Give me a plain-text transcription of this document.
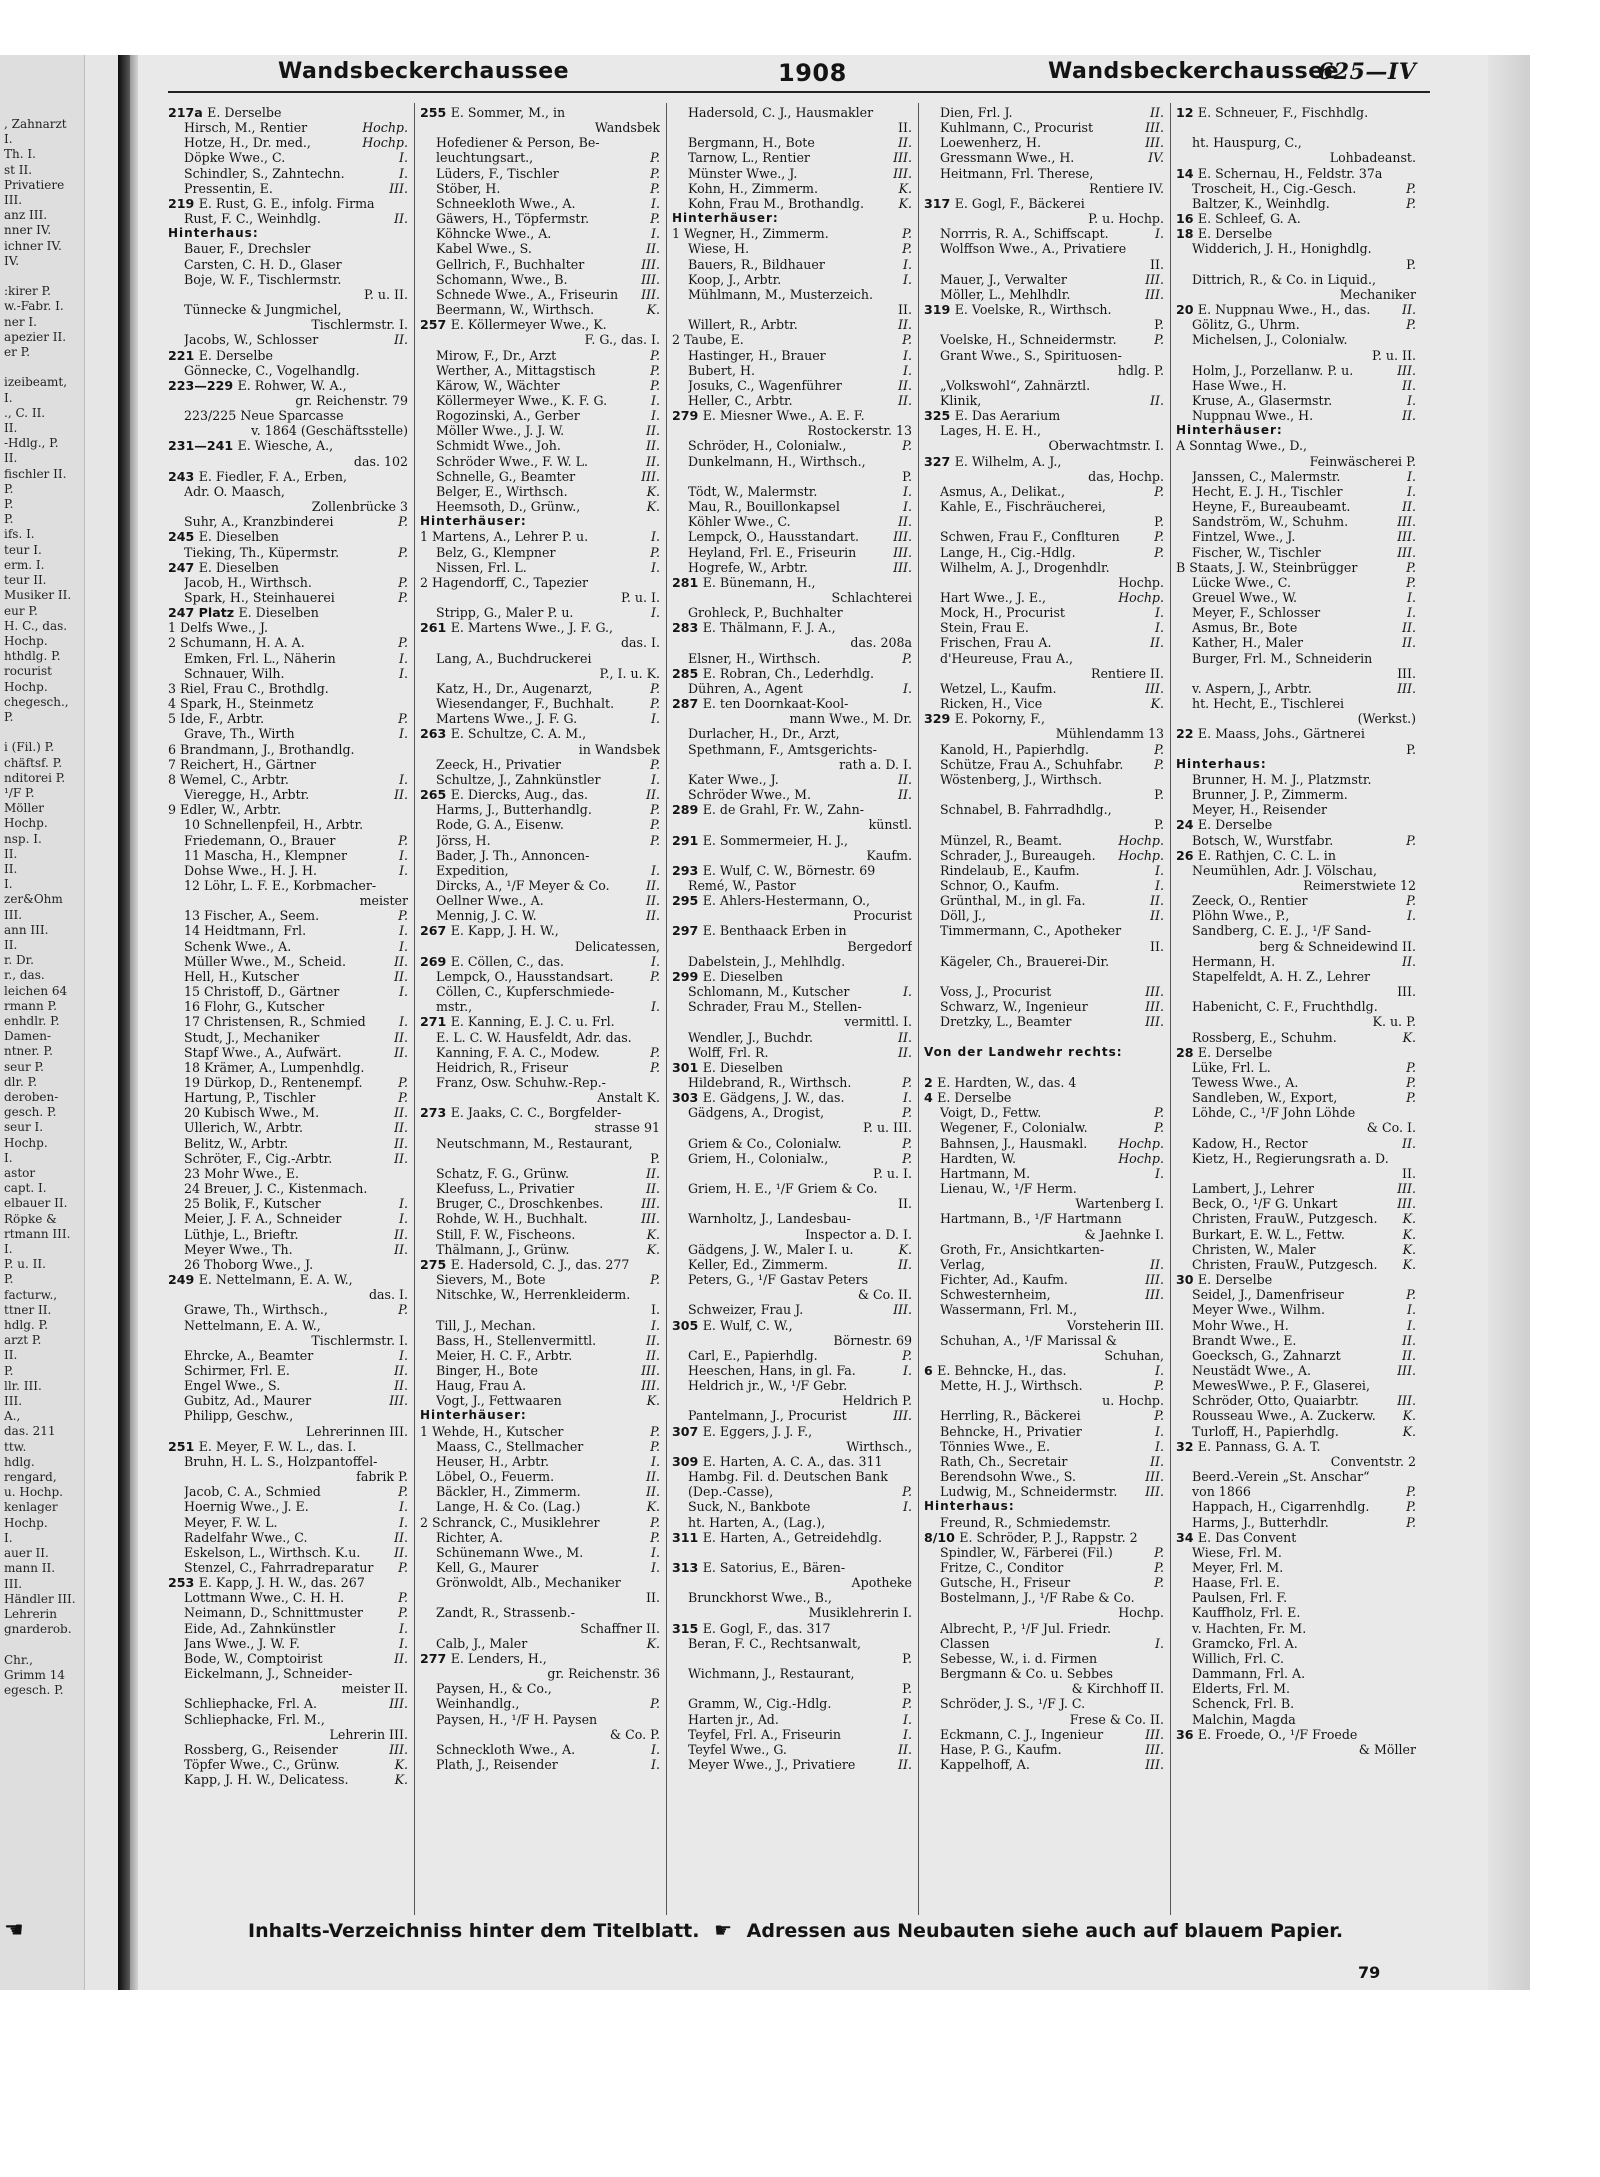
, Zahnarzt
I.
Th. I.
st II.
Privatiere
III.
anz III.
nner IV.
ichner IV.
IV.

:kirer P.
w.-Fabr. I.
ner I.
apezier II.
er P.

izeibeamt,
I.
., C. II.
II.
-Hdlg., P.
II.
fischler II.
P.
P.
P.
ifs. I.
teur I.
erm. I.
teur II.
Musiker II.
eur P.
H. C., das.
Hochp.
hthdlg. P.
rocurist
Hochp.
chegesch.,
P.

i (Fil.) P.
chäftsf. P.
nditorei P.
¹/F P.
Möller
Hochp.
nsp. I.
II.
II.
I.
zer&Ohm
III.
ann III.
II.
r. Dr.
r., das.
leichen 64
rmann P.
enhdlr. P.
Damen-
ntner. P.
seur P.
dlr. P.
deroben-
gesch. P.
seur I.
Hochp.
I.
astor
capt. I.
elbauer II.
Röpke &
rtmann III.
I.
P. u. II.
P.
facturw.,
ttner II.
hdlg. P.
arzt P.
II.
P.
llr. III.
III.
A.,
das. 211
ttw.
hdlg.
rengard,
u. Hochp.
kenlager
Hochp.
I.
auer II.
mann II.
III.
Händler III.
Lehrerin
gnarderob.

Chr.,
Grimm 14
egesch. P.
Wandsbeckerchaussee	1908	Wandsbeckerchaussee
625—IV
217a E. Derselbe
Hirsch, M., Rentier	Hochp.
Hotze, H., Dr. med.,	Hochp.
Döpke Wwe., C.	I.
Schindler, S., Zahntechn.	I.
Pressentin, E.	III.
219 E. Rust, G. E., infolg. Firma
Rust, F. C., Weinhdlg.	II.
Hinterhaus:
Bauer, F., Drechsler
Carsten, C. H. D., Glaser
Boje, W. F., Tischlermstr.
P. u. II.
Tünnecke & Jungmichel,
Tischlermstr. I.
Jacobs, W., Schlosser	II.
221 E. Derselbe
Gönnecke, C., Vogelhandlg.
223—229 E. Rohwer, W. A.,
gr. Reichenstr. 79
223/225 Neue Sparcasse
v. 1864 (Geschäftsstelle)
231—241 E. Wiesche, A.,
das. 102
243 E. Fiedler, F. A., Erben,
Adr. O. Maasch,
Zollenbrücke 3
Suhr, A., Kranzbinderei	P.
245 E. Dieselben
Tieking, Th., Küpermstr.	P.
247 E. Dieselben
Jacob, H., Wirthsch.	P.
Spark, H., Steinhauerei	P.
247 Platz E. Dieselben
1 Delfs Wwe., J.
2 Schumann, H. A. A.	P.
Emken, Frl. L., Näherin	I.
Schnauer, Wilh.	I.
3 Riel, Frau C., Brothdlg.
4 Spark, H., Steinmetz
5 Ide, F., Arbtr.	P.
Grave, Th., Wirth	I.
6 Brandmann, J., Brothandlg.
7 Reichert, H., Gärtner
8 Wemel, C., Arbtr.	I.
Vieregge, H., Arbtr.	II.
9 Edler, W., Arbtr.
10 Schnellenpfeil, H., Arbtr.
Friedemann, O., Brauer	P.
11 Mascha, H., Klempner	I.
Dohse Wwe., H. J. H.	I.
12 Löhr, L. F. E., Korbmacher-
meister
13 Fischer, A., Seem.	P.
14 Heidtmann, Frl.	I.
Schenk Wwe., A.	I.
Müller Wwe., M., Scheid.	II.
Hell, H., Kutscher	II.
15 Christoff, D., Gärtner	I.
16 Flohr, G., Kutscher
17 Christensen, R., Schmied	I.
Studt, J., Mechaniker	II.
Stapf Wwe., A., Aufwärt.	II.
18 Krämer, A., Lumpenhdlg.
19 Dürkop, D., Rentenempf.	P.
Hartung, P., Tischler	P.
20 Kubisch Wwe., M.	II.
Ullerich, W., Arbtr.	II.
Belitz, W., Arbtr.	II.
Schröter, F., Cig.-Arbtr.	II.
23 Mohr Wwe., E.
24 Breuer, J. C., Kistenmach.
25 Bolik, F., Kutscher	I.
Meier, J. F. A., Schneider	I.
Lüthje, L., Brieftr.	II.
Meyer Wwe., Th.	II.
26 Thoborg Wwe., J.
249 E. Nettelmann, E. A. W.,
das. I.
Grawe, Th., Wirthsch.,	P.
Nettelmann, E. A. W.,
Tischlermstr. I.
Ehrcke, A., Beamter	I.
Schirmer, Frl. E.	II.
Engel Wwe., S.	II.
Gubitz, Ad., Maurer	III.
Philipp, Geschw.,
Lehrerinnen III.
251 E. Meyer, F. W. L., das. I.
Bruhn, H. L. S., Holzpantoffel-
fabrik P.
Jacob, C. A., Schmied	P.
Hoernig Wwe., J. E.	I.
Meyer, F. W. L.	I.
Radelfahr Wwe., C.	II.
Eskelson, L., Wirthsch. K.u.	II.
Stenzel, C., Fahrradreparatur	P.
253 E. Kapp, J. H. W., das. 267
Lottmann Wwe., C. H. H.	P.
Neimann, D., Schnittmuster	P.
Eide, Ad., Zahnkünstler	I.
Jans Wwe., J. W. F.	I.
Bode, W., Comptoirist	II.
Eickelmann, J., Schneider-
meister II.
Schliephacke, Frl. A.	III.
Schliephacke, Frl. M.,
Lehrerin III.
Rossberg, G., Reisender	III.
Töpfer Wwe., C., Grünw.	K.
Kapp, J. H. W., Delicatess.	K.
255 E. Sommer, M., in
Wandsbek
Hofediener & Person, Be-
leuchtungsart.,	P.
Lüders, F., Tischler	P.
Stöber, H.	P.
Schneekloth Wwe., A.	I.
Gäwers, H., Töpfermstr.	P.
Köhncke Wwe., A.	I.
Kabel Wwe., S.	II.
Gellrich, F., Buchhalter	III.
Schomann, Wwe., B.	III.
Schnede Wwe., A., Friseurin	III.
Beermann, W., Wirthsch.	K.
257 E. Köllermeyer Wwe., K.
F. G., das. I.
Mirow, F., Dr., Arzt	P.
Werther, A., Mittagstisch	P.
Kärow, W., Wächter	P.
Köllermeyer Wwe., K. F. G.	I.
Rogozinski, A., Gerber	I.
Möller Wwe., J. J. W.	II.
Schmidt Wwe., Joh.	II.
Schröder Wwe., F. W. L.	II.
Schnelle, G., Beamter	III.
Belger, E., Wirthsch.	K.
Heemsoth, D., Grünw.,	K.
Hinterhäuser:
1 Martens, A., Lehrer P. u.	I.
Belz, G., Klempner	P.
Nissen, Frl. L.	I.
2 Hagendorff, C., Tapezier
P. u. I.
Stripp, G., Maler P. u.	I.
261 E. Martens Wwe., J. F. G.,
das. I.
Lang, A., Buchdruckerei
P., I. u. K.
Katz, H., Dr., Augenarzt,	P.
Wiesendanger, F., Buchhalt.	P.
Martens Wwe., J. F. G.	I.
263 E. Schultze, C. A. M.,
in Wandsbek
Zeeck, H., Privatier	P.
Schultze, J., Zahnkünstler	I.
265 E. Diercks, Aug., das.	II.
Harms, J., Butterhandlg.	P.
Rode, G. A., Eisenw.	P.
Jörss, H.	P.
Bader, J. Th., Annoncen-
Expedition,	I.
Dircks, A., ¹/F Meyer & Co.	II.
Oellner Wwe., A.	II.
Mennig, J. C. W.	II.
267 E. Kapp, J. H. W.,
Delicatessen,
269 E. Cöllen, C., das.	I.
Lempck, O., Hausstandsart.	P.
Cöllen, C., Kupferschmiede-
mstr.,	I.
271 E. Kanning, E. J. C. u. Frl.
E. L. C. W. Hausfeldt, Adr. das.
Kanning, F. A. C., Modew.	P.
Heidrich, R., Friseur	P.
Franz, Osw. Schuhw.-Rep.-
Anstalt K.
273 E. Jaaks, C. C., Borgfelder-
strasse 91
Neutschmann, M., Restaurant,
P.
Schatz, F. G., Grünw.	II.
Kleefuss, L., Privatier	II.
Bruger, C., Droschkenbes.	III.
Rohde, W. H., Buchhalt.	III.
Still, F. W., Fischeons.	K.
Thälmann, J., Grünw.	K.
275 E. Hadersold, C. J., das. 277
Sievers, M., Bote	P.
Nitschke, W., Herrenkleiderm.
I.
Till, J., Mechan.	I.
Bass, H., Stellenvermittl.	II.
Meier, H. C. F., Arbtr.	II.
Binger, H., Bote	III.
Haug, Frau A.	III.
Vogt, J., Fettwaaren	K.
Hinterhäuser:
1 Wehde, H., Kutscher	P.
Maass, C., Stellmacher	P.
Heuser, H., Arbtr.	I.
Löbel, O., Feuerm.	II.
Bäckler, H., Zimmerm.	II.
Lange, H. & Co. (Lag.)	K.
2 Schranck, C., Musiklehrer	P.
Richter, A.	P.
Schünemann Wwe., M.	I.
Kell, G., Maurer	I.
Grönwoldt, Alb., Mechaniker
II.
Zandt, R., Strassenb.-
Schaffner II.
Calb, J., Maler	K.
277 E. Lenders, H.,
gr. Reichenstr. 36
Paysen, H., & Co.,
Weinhandlg.,	P.
Paysen, H., ¹/F H. Paysen
& Co. P.
Schneckloth Wwe., A.	I.
Plath, J., Reisender	I.
Hadersold, C. J., Hausmakler
II.
Bergmann, H., Bote	II.
Tarnow, L., Rentier	III.
Münster Wwe., J.	III.
Kohn, H., Zimmerm.	K.
Kohn, Frau M., Brothandlg.	K.
Hinterhäuser:
1 Wegner, H., Zimmerm.	P.
Wiese, H.	P.
Bauers, R., Bildhauer	I.
Koop, J., Arbtr.	I.
Mühlmann, M., Musterzeich.
II.
Willert, R., Arbtr.	II.
2 Taube, E.	P.
Hastinger, H., Brauer	I.
Bubert, H.	I.
Josuks, C., Wagenführer	II.
Heller, C., Arbtr.	II.
279 E. Miesner Wwe., A. E. F.
Rostockerstr. 13
Schröder, H., Colonialw.,	P.
Dunkelmann, H., Wirthsch.,
P.
Tödt, W., Malermstr.	I.
Mau, R., Bouillonkapsel	I.
Köhler Wwe., C.	II.
Lempck, O., Hausstandart.	III.
Heyland, Frl. E., Friseurin	III.
Hogrefe, W., Arbtr.	III.
281 E. Bünemann, H.,
Schlachterei
Grohleck, P., Buchhalter
283 E. Thälmann, F. J. A.,
das. 208a
Elsner, H., Wirthsch.	P.
285 E. Robran, Ch., Lederhdlg.
Dühren, A., Agent	I.
287 E. ten Doornkaat-Kool-
mann Wwe., M. Dr.
Durlacher, H., Dr., Arzt,
Spethmann, F., Amtsgerichts-
rath a. D. I.
Kater Wwe., J.	II.
Schröder Wwe., M.	II.
289 E. de Grahl, Fr. W., Zahn-
künstl.
291 E. Sommermeier, H. J.,
Kaufm.
293 E. Wulf, C. W., Börnestr. 69
Remé, W., Pastor
295 E. Ahlers-Hestermann, O.,
Procurist
297 E. Benthaack Erben in
Bergedorf
Dabelstein, J., Mehlhdlg.
299 E. Dieselben
Schlomann, M., Kutscher	I.
Schrader, Frau M., Stellen-
vermittl. I.
Wendler, J., Buchdr.	II.
Wolff, Frl. R.	II.
301 E. Dieselben
Hildebrand, R., Wirthsch.	P.
303 E. Gädgens, J. W., das.	I.
Gädgens, A., Drogist,	P.
P. u. III.
Griem & Co., Colonialw.	P.
Griem, H., Colonialw.,	P.
P. u. I.
Griem, H. E., ¹/F Griem & Co.
II.
Warnholtz, J., Landesbau-
Inspector a. D. I.
Gädgens, J. W., Maler I. u.	K.
Keller, Ed., Zimmerm.	II.
Peters, G., ¹/F Gastav Peters
& Co. II.
Schweizer, Frau J.	III.
305 E. Wulf, C. W.,
Börnestr. 69
Carl, E., Papierhdlg.	P.
Heeschen, Hans, in gl. Fa.	I.
Heldrich jr., W., ¹/F Gebr.
Heldrich P.
Pantelmann, J., Procurist	III.
307 E. Eggers, J. J. F.,
Wirthsch.,
309 E. Harten, A. C. A., das. 311
Hambg. Fil. d. Deutschen Bank
(Dep.-Casse),	P.
Suck, N., Bankbote	I.
ht. Harten, A., (Lag.),
311 E. Harten, A., Getreidehdlg.

313 E. Satorius, E., Bären-
Apotheke
Brunckhorst Wwe., B.,
Musiklehrerin I.
315 E. Gogl, F., das. 317
Beran, F. C., Rechtsanwalt,
P.
Wichmann, J., Restaurant,
P.
Gramm, W., Cig.-Hdlg.	P.
Harten jr., Ad.	I.
Teyfel, Frl. A., Friseurin	I.
Teyfel Wwe., G.	II.
Meyer Wwe., J., Privatiere	II.
Dien, Frl. J.	II.
Kuhlmann, C., Procurist	III.
Loewenherz, H.	III.
Gressmann Wwe., H.	IV.
Heitmann, Frl. Therese,
Rentiere IV.
317 E. Gogl, F., Bäckerei
P. u. Hochp.
Norrris, R. A., Schiffscapt.	I.
Wolffson Wwe., A., Privatiere
II.
Mauer, J., Verwalter	III.
Möller, L., Mehlhdlr.	III.
319 E. Voelske, R., Wirthsch.
P.
Voelske, H., Schneidermstr.	P.
Grant Wwe., S., Spirituosen-
hdlg. P.
„Volkswohl“, Zahnärztl.
Klinik,	II.
325 E. Das Aerarium
Lages, H. E. H.,
Oberwachtmstr. I.
327 E. Wilhelm, A. J.,
das, Hochp.
Asmus, A., Delikat.,	P.
Kahle, E., Fischräucherei,
P.
Schwen, Frau F., Conflturen	P.
Lange, H., Cig.-Hdlg.	P.
Wilhelm, A. J., Drogenhdlr.
Hochp.
Hart Wwe., J. E.,	Hochp.
Mock, H., Procurist	I.
Stein, Frau E.	I.
Frischen, Frau A.	II.
d'Heureuse, Frau A.,
Rentiere II.
Wetzel, L., Kaufm.	III.
Ricken, H., Vice	K.
329 E. Pokorny, F.,
Mühlendamm 13
Kanold, H., Papierhdlg.	P.
Schütze, Frau A., Schuhfabr.	P.
Wöstenberg, J., Wirthsch.
P.
Schnabel, B. Fahrradhdlg.,
P.
Münzel, R., Beamt.	Hochp.
Schrader, J., Bureaugeh.	Hochp.
Rindelaub, E., Kaufm.	I.
Schnor, O., Kaufm.	I.
Grünthal, M., in gl. Fa.	II.
Döll, J.,	II.
Timmermann, C., Apotheker
II.
Kägeler, Ch., Brauerei-Dir.

Voss, J., Procurist	III.
Schwarz, W., Ingenieur	III.
Dretzky, L., Beamter	III.

Von der Landwehr rechts:

2 E. Hardten, W., das. 4
4 E. Derselbe
Voigt, D., Fettw.	P.
Wegener, F., Colonialw.	P.
Bahnsen, J., Hausmakl.	Hochp.
Hardten, W.	Hochp.
Hartmann, M.	I.
Lienau, W., ¹/F Herm.
Wartenberg I.
Hartmann, B., ¹/F Hartmann
& Jaehnke I.
Groth, Fr., Ansichtkarten-
Verlag,	II.
Fichter, Ad., Kaufm.	III.
Schwesternheim,	III.
Wassermann, Frl. M.,
Vorsteherin III.
Schuhan, A., ¹/F Marissal &
Schuhan,
6 E. Behncke, H., das.	I.
Mette, H. J., Wirthsch.	P.
u. Hochp.
Herrling, R., Bäckerei	P.
Behncke, H., Privatier	I.
Tönnies Wwe., E.	I.
Rath, Ch., Secretair	II.
Berendsohn Wwe., S.	III.
Ludwig, M., Schneidermstr.	III.
Hinterhaus:
Freund, R., Schmiedemstr.
8/10 E. Schröder, P. J., Rappstr. 2
Spindler, W., Färberei (Fil.)	P.
Fritze, C., Conditor	P.
Gutsche, H., Friseur	P.
Bostelmann, J., ¹/F Rabe & Co.
Hochp.
Albrecht, P., ¹/F Jul. Friedr.
Classen	I.
Sebesse, W., i. d. Firmen
Bergmann & Co. u. Sebbes
& Kirchhoff II.
Schröder, J. S., ¹/F J. C.
Frese & Co. II.
Eckmann, C. J., Ingenieur	III.
Hase, P. G., Kaufm.	III.
Kappelhoff, A.	III.
12 E. Schneuer, F., Fischhdlg.

ht. Hauspurg, C.,
Lohbadeanst.
14 E. Schernau, H., Feldstr. 37a
Troscheit, H., Cig.-Gesch.	P.
Baltzer, K., Weinhdlg.	P.
16 E. Schleef, G. A.
18 E. Derselbe
Widderich, J. H., Honighdlg.
P.
Dittrich, R., & Co. in Liquid.,
Mechaniker
20 E. Nuppnau Wwe., H., das.	II.
Gölitz, G., Uhrm.	P.
Michelsen, J., Colonialw.
P. u. II.
Holm, J., Porzellanw. P. u.	III.
Hase Wwe., H.	II.
Kruse, A., Glasermstr.	I.
Nuppnau Wwe., H.	II.
Hinterhäuser:
A Sonntag Wwe., D.,
Feinwäscherei P.
Janssen, C., Malermstr.	I.
Hecht, E. J. H., Tischler	I.
Heyne, F., Bureaubeamt.	II.
Sandström, W., Schuhm.	III.
Fintzel, Wwe., J.	III.
Fischer, W., Tischler	III.
B Staats, J. W., Steinbrügger	P.
Lücke Wwe., C.	P.
Greuel Wwe., W.	I.
Meyer, F., Schlosser	I.
Asmus, Br., Bote	II.
Kather, H., Maler	II.
Burger, Frl. M., Schneiderin
III.
v. Aspern, J., Arbtr.	III.
ht. Hecht, E., Tischlerei
(Werkst.)
22 E. Maass, Johs., Gärtnerei
P.
Hinterhaus:
Brunner, H. M. J., Platzmstr.
Brunner, J. P., Zimmerm.
Meyer, H., Reisender
24 E. Derselbe
Botsch, W., Wurstfabr.	P.
26 E. Rathjen, C. C. L. in
Neumühlen, Adr. J. Völschau,
Reimerstwiete 12
Zeeck, O., Rentier	P.
Plöhn Wwe., P.,	I.
Sandberg, C. E. J., ¹/F Sand-
berg & Schneidewind II.
Hermann, H.	II.
Stapelfeldt, A. H. Z., Lehrer
III.
Habenicht, C. F., Fruchthdlg.
K. u. P.
Rossberg, E., Schuhm.	K.
28 E. Derselbe
Lüke, Frl. L.	P.
Tewess Wwe., A.	P.
Sandleben, W., Export,	P.
Löhde, C., ¹/F John Löhde
& Co. I.
Kadow, H., Rector	II.
Kietz, H., Regierungsrath a. D.
II.
Lambert, J., Lehrer	III.
Beck, O., ¹/F G. Unkart	III.
Christen, FrauW., Putzgesch.	K.
Burkart, E. W. L., Fettw.	K.
Christen, W., Maler	K.
Christen, FrauW., Putzgesch.	K.
30 E. Derselbe
Seidel, J., Damenfriseur	P.
Meyer Wwe., Wilhm.	I.
Mohr Wwe., H.	I.
Brandt Wwe., E.	II.
Goecksch, G., Zahnarzt	II.
Neustädt Wwe., A.	III.
MewesWwe., P. F., Glaserei,
Schröder, Otto, Quaiarbtr.	III.
Rousseau Wwe., A. Zuckerw.	K.
Turloff, H., Papierhdlg.	K.
32 E. Pannass, G. A. T.
Conventstr. 2
Beerd.-Verein „St. Anschar“
von 1866	P.
Happach, H., Cigarrenhdlg.	P.
Harms, J., Butterhdlr.	P.
34 E. Das Convent
Wiese, Frl. M.
Meyer, Frl. M.
Haase, Frl. E.
Paulsen, Frl. F.
Kauffholz, Frl. E.
v. Hachten, Fr. M.
Gramcko, Frl. A.
Willich, Frl. C.
Dammann, Frl. A.
Elderts, Frl. M.
Schenck, Frl. B.
Malchin, Magda
36 E. Froede, O., ¹/F Froede
& Möller
Inhalts-Verzeichniss hinter dem Titelblatt. ☛ Adressen aus Neubauten siehe auch auf blauem Papier.
79
☚
